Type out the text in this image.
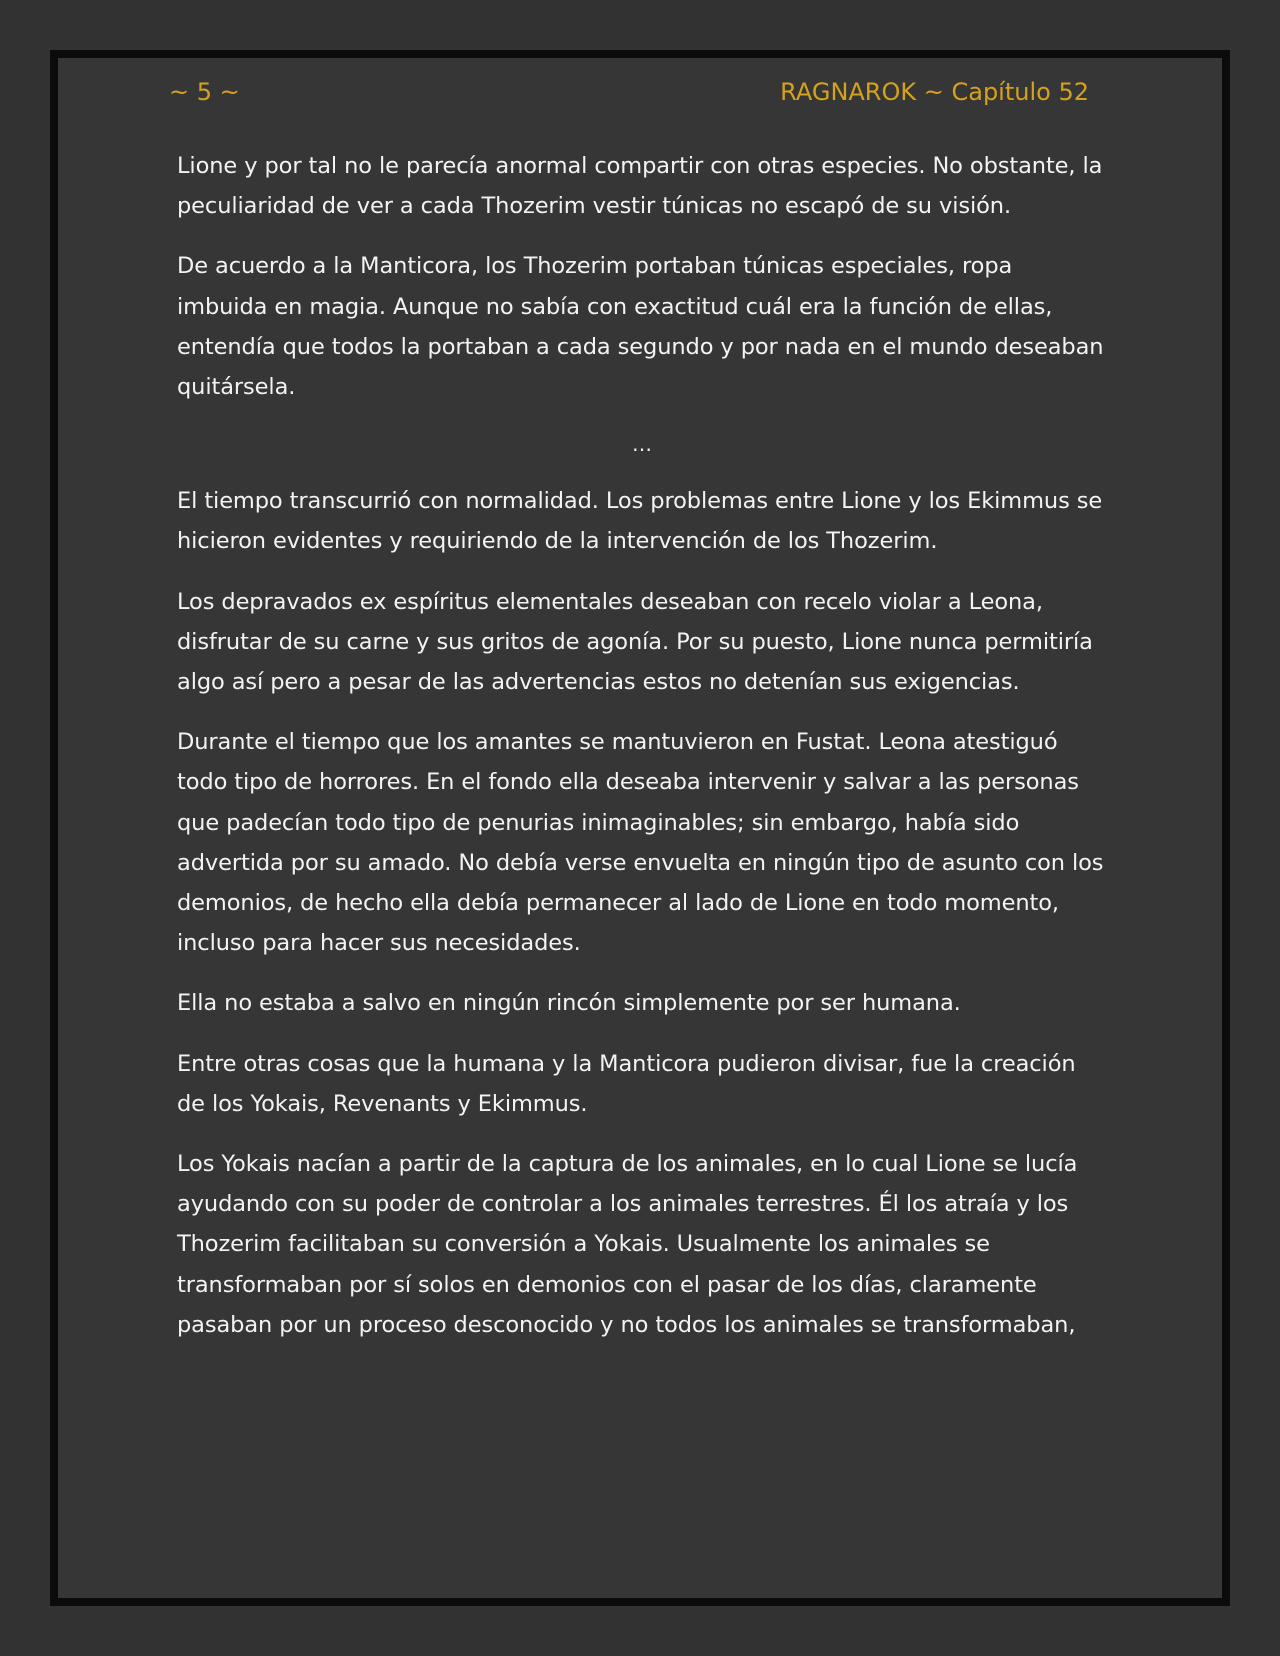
~ 5 ~	RAGNAROK ~ Capítulo 52

Lione y por tal no le parecía anormal compartir con otras especies. No obstante, la peculiaridad de ver a cada Thozerim vestir túnicas no escapó de su visión.

De acuerdo a la Manticora, los Thozerim portaban túnicas especiales, ropa imbuida en magia. Aunque no sabía con exactitud cuál era la función de ellas, entendía que todos la portaban a cada segundo y por nada en el mundo deseaban quitársela.

…

El tiempo transcurrió con normalidad. Los problemas entre Lione y los Ekimmus se hicieron evidentes y requiriendo de la intervención de los Thozerim.

Los depravados ex espíritus elementales deseaban con recelo violar a Leona, disfrutar de su carne y sus gritos de agonía. Por su puesto, Lione nunca permitiría algo así pero a pesar de las advertencias estos no detenían sus exigencias.

Durante el tiempo que los amantes se mantuvieron en Fustat. Leona atestiguó todo tipo de horrores. En el fondo ella deseaba intervenir y salvar a las personas que padecían todo tipo de penurias inimaginables; sin embargo, había sido advertida por su amado. No debía verse envuelta en ningún tipo de asunto con los demonios, de hecho ella debía permanecer al lado de Lione en todo momento, incluso para hacer sus necesidades.

Ella no estaba a salvo en ningún rincón simplemente por ser humana.

Entre otras cosas que la humana y la Manticora pudieron divisar, fue la creación de los Yokais, Revenants y Ekimmus.

Los Yokais nacían a partir de la captura de los animales, en lo cual Lione se lucía ayudando con su poder de controlar a los animales terrestres. Él los atraía y los Thozerim facilitaban su conversión a Yokais. Usualmente los animales se transformaban por sí solos en demonios con el pasar de los días, claramente pasaban por un proceso desconocido y no todos los animales se transformaban,
